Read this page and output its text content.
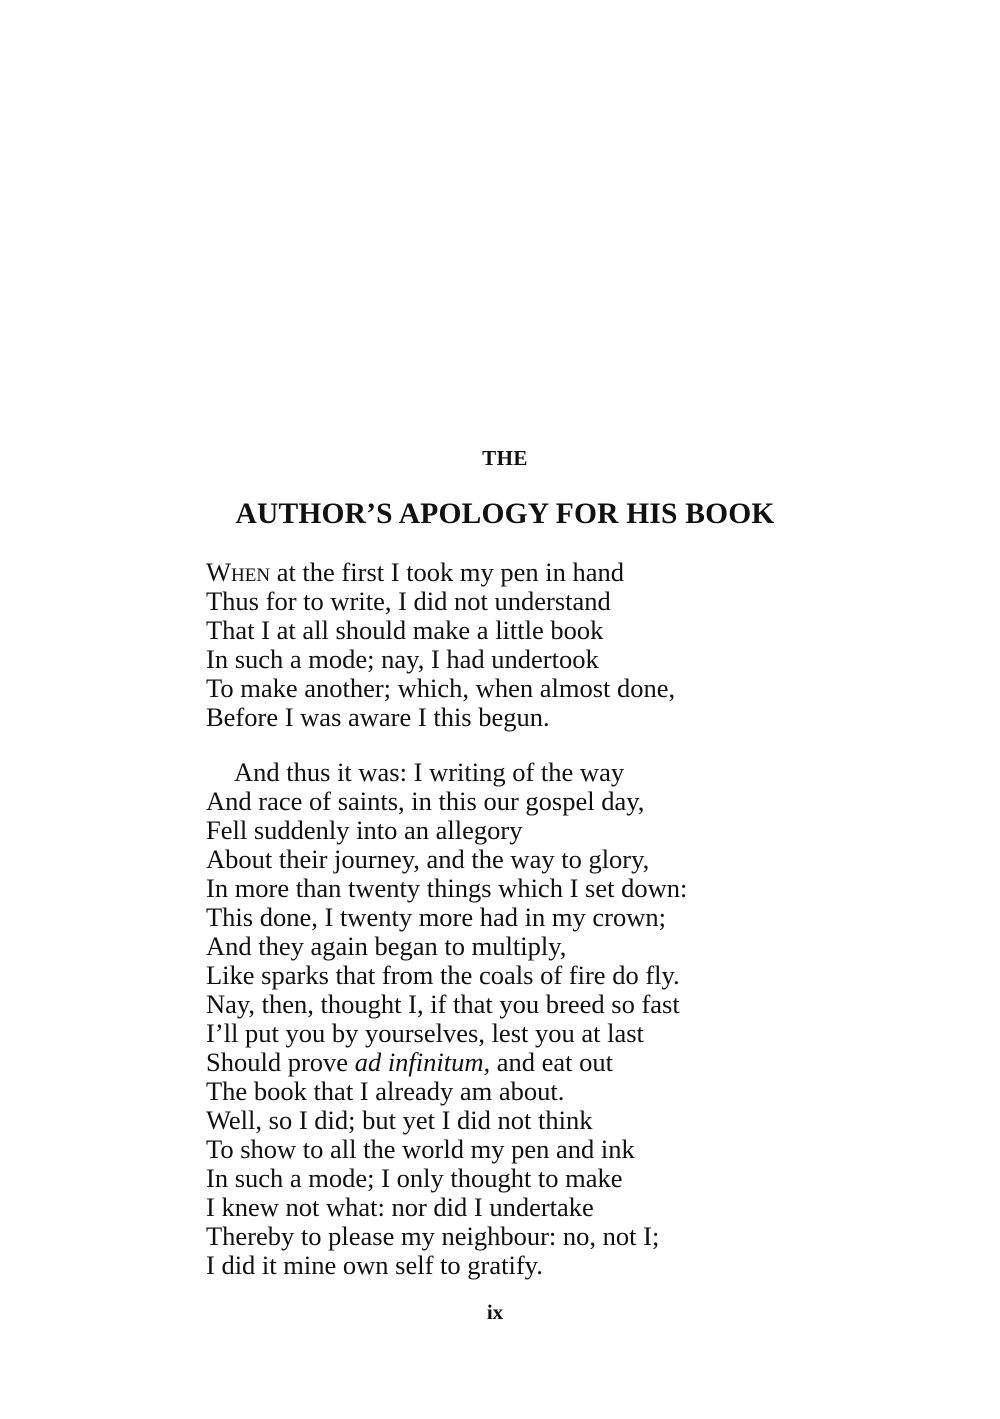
THE
AUTHOR’S APOLOGY FOR HIS BOOK
When at the first I took my pen in hand
Thus for to write, I did not understand
That I at all should make a little book
In such a mode; nay, I had undertook
To make another; which, when almost done,
Before I was aware I this begun.
And thus it was: I writing of the way
And race of saints, in this our gospel day,
Fell suddenly into an allegory
About their journey, and the way to glory,
In more than twenty things which I set down:
This done, I twenty more had in my crown;
And they again began to multiply,
Like sparks that from the coals of fire do fly.
Nay, then, thought I, if that you breed so fast
I’ll put you by yourselves, lest you at last
Should prove ad infinitum, and eat out
The book that I already am about.
Well, so I did; but yet I did not think
To show to all the world my pen and ink
In such a mode; I only thought to make
I knew not what: nor did I undertake
Thereby to please my neighbour: no, not I;
I did it mine own self to gratify.
ix
